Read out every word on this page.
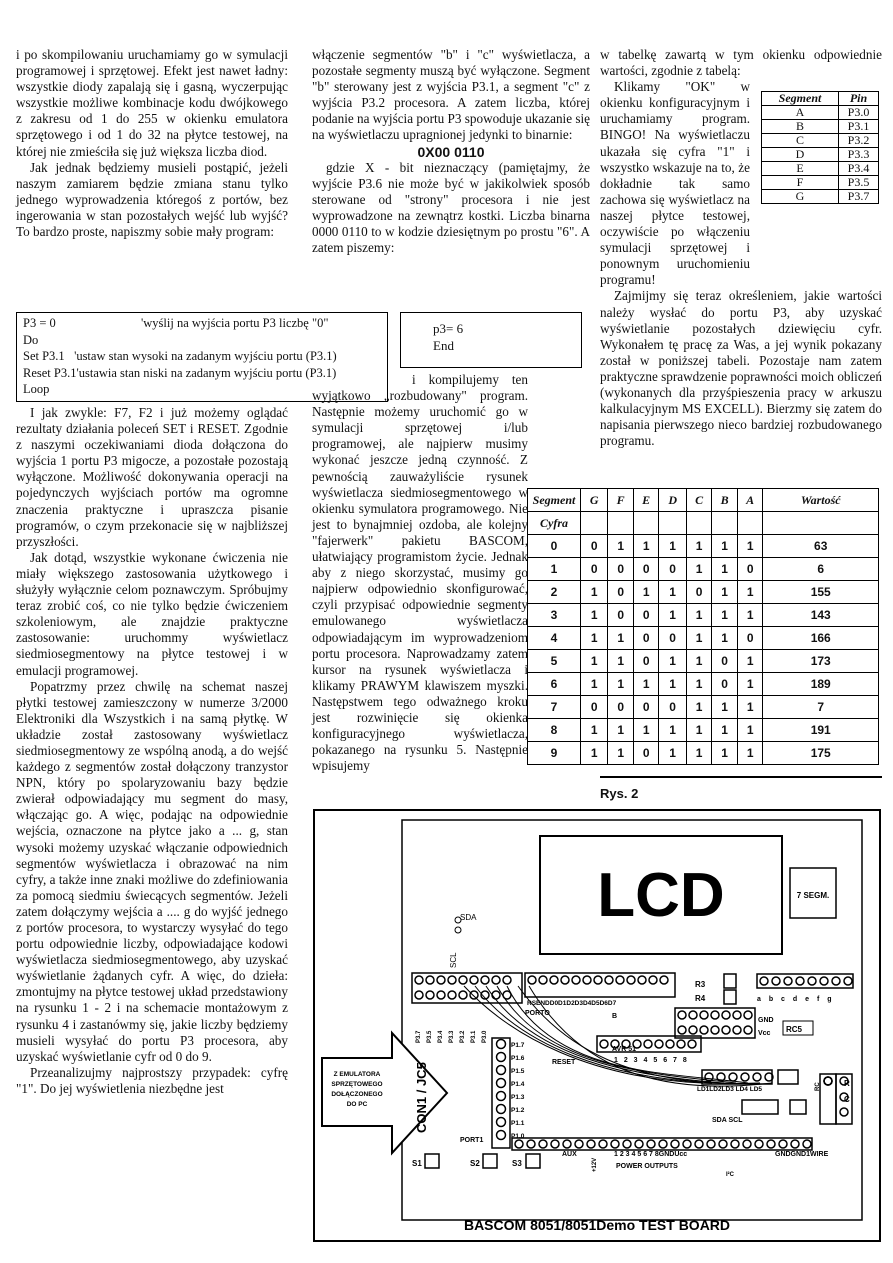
i po skompilowaniu uruchamiamy go w symulacji programowej i sprzętowej. Efekt jest nawet ładny: wszystkie diody zapalają się i gasną, wyczerpując wszystkie możliwe kombinacje kodu dwójkowego z zakresu od 1 do 255 w okienku emulatora sprzętowego i od 1 do 32 na płytce testowej, na której nie zmieściła się już większa liczba diod.

Jak jednak będziemy musieli postąpić, jeżeli naszym zamiarem będzie zmiana stanu tylko jednego wyprowadzenia któregoś z portów, bez ingerowania w stan pozostałych wejść lub wyjść? To bardzo proste, napiszmy sobie mały program:

P3 = 0	'wyślij na wyjścia portu P3 liczbę "0"
Do
Set P3.1 'ustaw stan wysoki na zadanym wyjściu portu (P3.1)
Reset P3.1'ustawia stan niski na zadanym wyjściu portu (P3.1)
Loop

I jak zwykle: F7, F2 i już możemy oglądać rezultaty działania poleceń SET i RESET. Zgodnie z naszymi oczekiwaniami dioda dołączona do wyjścia 1 portu P3 migocze, a pozostałe pozostają wyłączone. Możliwość dokonywania operacji na pojedynczych wyjściach portów ma ogromne znaczenia praktyczne i upraszcza pisanie programów, o czym przekonacie się w najbliższej przyszłości.

Jak dotąd, wszystkie wykonane ćwiczenia nie miały większego zastosowania użytkowego i służyły wyłącznie celom poznawczym. Spróbujmy teraz zrobić coś, co nie tylko będzie ćwiczeniem szkoleniowym, ale znajdzie praktyczne zastosowanie: uruchommy wyświetlacz siedmiosegmentowy na płytce testowej i w emulacji programowej.

Popatrzmy przez chwilę na schemat naszej płytki testowej zamieszczony w numerze 3/2000 Elektroniki dla Wszystkich i na samą płytkę. W układzie został zastosowany wyświetlacz siedmiosegmentowy ze wspólną anodą, a do wejść każdego z segmentów został dołączony tranzystor NPN, który po spolaryzowaniu bazy będzie zwierał odpowiadający mu segment do masy, włączając go. A więc, podając na odpowiednie wejścia, oznaczone na płytce jako a ... g, stan wysoki możemy uzyskać włączanie odpowiednich segmentów wyświetlacza i obrazować na nim cyfry, a także inne znaki możliwe do zdefiniowania za pomocą siedmiu świecących segmentów. Jeżeli zatem dołączymy wejścia a .... g do wyjść jednego z portów procesora, to wystarczy wysyłać do tego portu odpowiednie liczby, odpowiadające kodowi wyświetlacza siedmiosegmentowego, aby uzyskać wyświetlanie żądanych cyfr. A więc, do dzieła: zmontujmy na płytce testowej układ przedstawiony na rysunku 1 - 2 i na schemacie montażowym z rysunku 4 i zastanówmy się, jakie liczby będziemy musieli wysyłać do portu P3 procesora, aby uzyskać wyświetlanie cyfr od 0 do 9.

Przeanalizujmy najprostszy przypadek: cyfrę "1". Do jej wyświetlenia niezbędne jest

włączenie segmentów "b" i "c" wyświetlacza, a pozostałe segmenty muszą być wyłączone. Segment "b" sterowany jest z wyjścia P3.1, a segment "c" z wyjścia P3.2 procesora. A zatem liczba, której podanie na wyjścia portu P3 spowoduje ukazanie się na wyświetlaczu upragnionej jedynki to binarnie:

0X00 0110

gdzie X - bit nieznaczący (pamiętajmy, że wyjście P3.6 nie może być w jakikolwiek sposób sterowane od "strony" procesora i nie jest wyprowadzone na zewnątrz kostki. Liczba binarna 0000 0110 to w kodzie dziesiętnym po prostu "6". A zatem piszemy:

p3= 6
End

i kompilujemy ten wyjątkowo „rozbudowany" program. Następnie możemy uruchomić go w symulacji sprzętowej i/lub programowej, ale najpierw musimy wykonać jeszcze jedną czynność. Z pewnością zauważyliście rysunek wyświetlacza siedmiosegmentowego w okienku symulatora programowego. Nie jest to bynajmniej ozdoba, ale kolejny "fajerwerk" pakietu BASCOM, ułatwiający programistom życie. Jednak aby z niego skorzystać, musimy go najpierw odpowiednio skonfigurować, czyli przypisać odpowiednie segmenty emulowanego wyświetlacza odpowiadającym im wyprowadzeniom portu procesora. Naprowadzamy zatem kursor na rysunek wyświetlacza i klikamy PRAWYM klawiszem myszki. Następstwem tego odważnego kroku jest rozwinięcie się okienka konfiguracyjnego wyświetlacza, pokazanego na rysunku 5. Następnie wpisujemy

w tabelkę zawartą w tym okienku odpowiednie wartości, zgodnie z tabelą:

Klikamy "OK" w okienku konfiguracyjnym i uruchamiamy program. BINGO! Na wyświetlaczu ukazała się cyfra "1" i wszystko wskazuje na to, że dokładnie tak samo zachowa się wyświetlacz na naszej płytce testowej, oczywiście po włączeniu symulacji sprzętowej i ponownym uruchomieniu programu!

Zajmijmy się teraz określeniem, jakie wartości należy wysłać do portu P3, aby uzyskać wyświetlanie pozostałych dziewięciu cyfr. Wykonałem tę pracę za Was, a jej wynik pokazany został w poniższej tabeli. Pozostaje nam zatem praktyczne sprawdzenie poprawności moich obliczeń (wykonanych dla przyśpieszenia pracy w arkuszu kalkulacyjnym MS EXCELL). Bierzmy się zatem do napisania pierwszego nieco bardziej rozbudowanego programu.

Segment	Pin
A	P3.0
B	P3.1
C	P3.2
D	P3.3
E	P3.4
F	P3.5
G	P3.7
Segment	G	F	E	D	C	B	A	Wartość
Cyfra								
0	0	1	1	1	1	1	1	63
1	0	0	0	0	1	1	0	6
2	1	0	1	1	0	1	1	155
3	1	0	0	1	1	1	1	143
4	1	1	0	0	1	1	0	166
5	1	1	0	1	1	0	1	173
6	1	1	1	1	1	0	1	189
7	0	0	0	0	1	1	1	7
8	1	1	1	1	1	1	1	191
9	1	1	0	1	1	1	1	175
Rys. 2
LCD	7 SEGM.
SDA
SCL
P3.7 P3.5 P3.4 P3.3 P3.2 P3.1 P3.0
P1.7
P1.6
P1.5
P1.4
P1.3
P1.2
P1.1
P1.0
PORTO
RSENDD0D1D2D3D4D5D6D7
R3
R4	a b c d e f g
GND
Vcc RC5
AVR 51
1 2 3 4 5 6 7 8
RESET
PORT1
LD1LD2LD3 LD4 LD5
SDA SCL
AUX	1 2 3 4 5 6 7 8GNDUcc	GNDGND1WIRE
POWER OUTPUTS
+12V
I²C
S1	S2	S3
RC	R
C
B
Z EMULATORA
SPRZĘTOWEGO
DOŁĄCZONEGO
DO PC	CON1 / JC5
BASCOM 8051/8051Demo TEST BOARD
